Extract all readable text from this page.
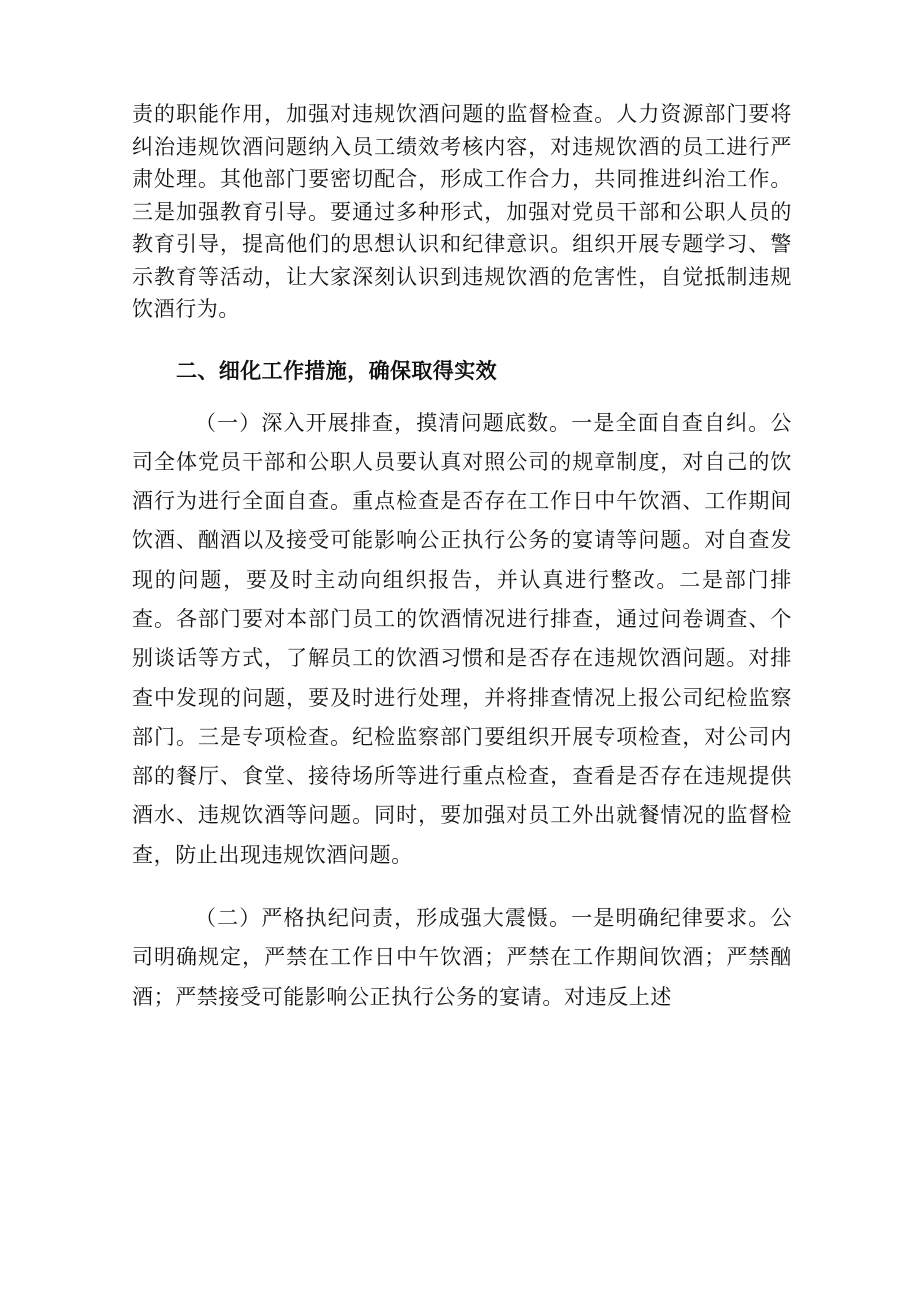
责的职能作用，加强对违规饮酒问题的监督检查。人力资源部门要将纠治违规饮酒问题纳入员工绩效考核内容，对违规饮酒的员工进行严肃处理。其他部门要密切配合，形成工作合力，共同推进纠治工作。三是加强教育引导。要通过多种形式，加强对党员干部和公职人员的教育引导，提高他们的思想认识和纪律意识。组织开展专题学习、警示教育等活动，让大家深刻认识到违规饮酒的危害性，自觉抵制违规饮酒行为。

二、细化工作措施，确保取得实效

（一）深入开展排查，摸清问题底数。一是全面自查自纠。公司全体党员干部和公职人员要认真对照公司的规章制度，对自己的饮酒行为进行全面自查。重点检查是否存在工作日中午饮酒、工作期间饮酒、酗酒以及接受可能影响公正执行公务的宴请等问题。对自查发现的问题，要及时主动向组织报告，并认真进行整改。二是部门排查。各部门要对本部门员工的饮酒情况进行排查，通过问卷调查、个别谈话等方式，了解员工的饮酒习惯和是否存在违规饮酒问题。对排查中发现的问题，要及时进行处理，并将排查情况上报公司纪检监察部门。三是专项检查。纪检监察部门要组织开展专项检查，对公司内部的餐厅、食堂、接待场所等进行重点检查，查看是否存在违规提供酒水、违规饮酒等问题。同时，要加强对员工外出就餐情况的监督检查，防止出现违规饮酒问题。

（二）严格执纪问责，形成强大震慑。一是明确纪律要求。公司明确规定，严禁在工作日中午饮酒；严禁在工作期间饮酒；严禁酗酒；严禁接受可能影响公正执行公务的宴请。对违反上述
